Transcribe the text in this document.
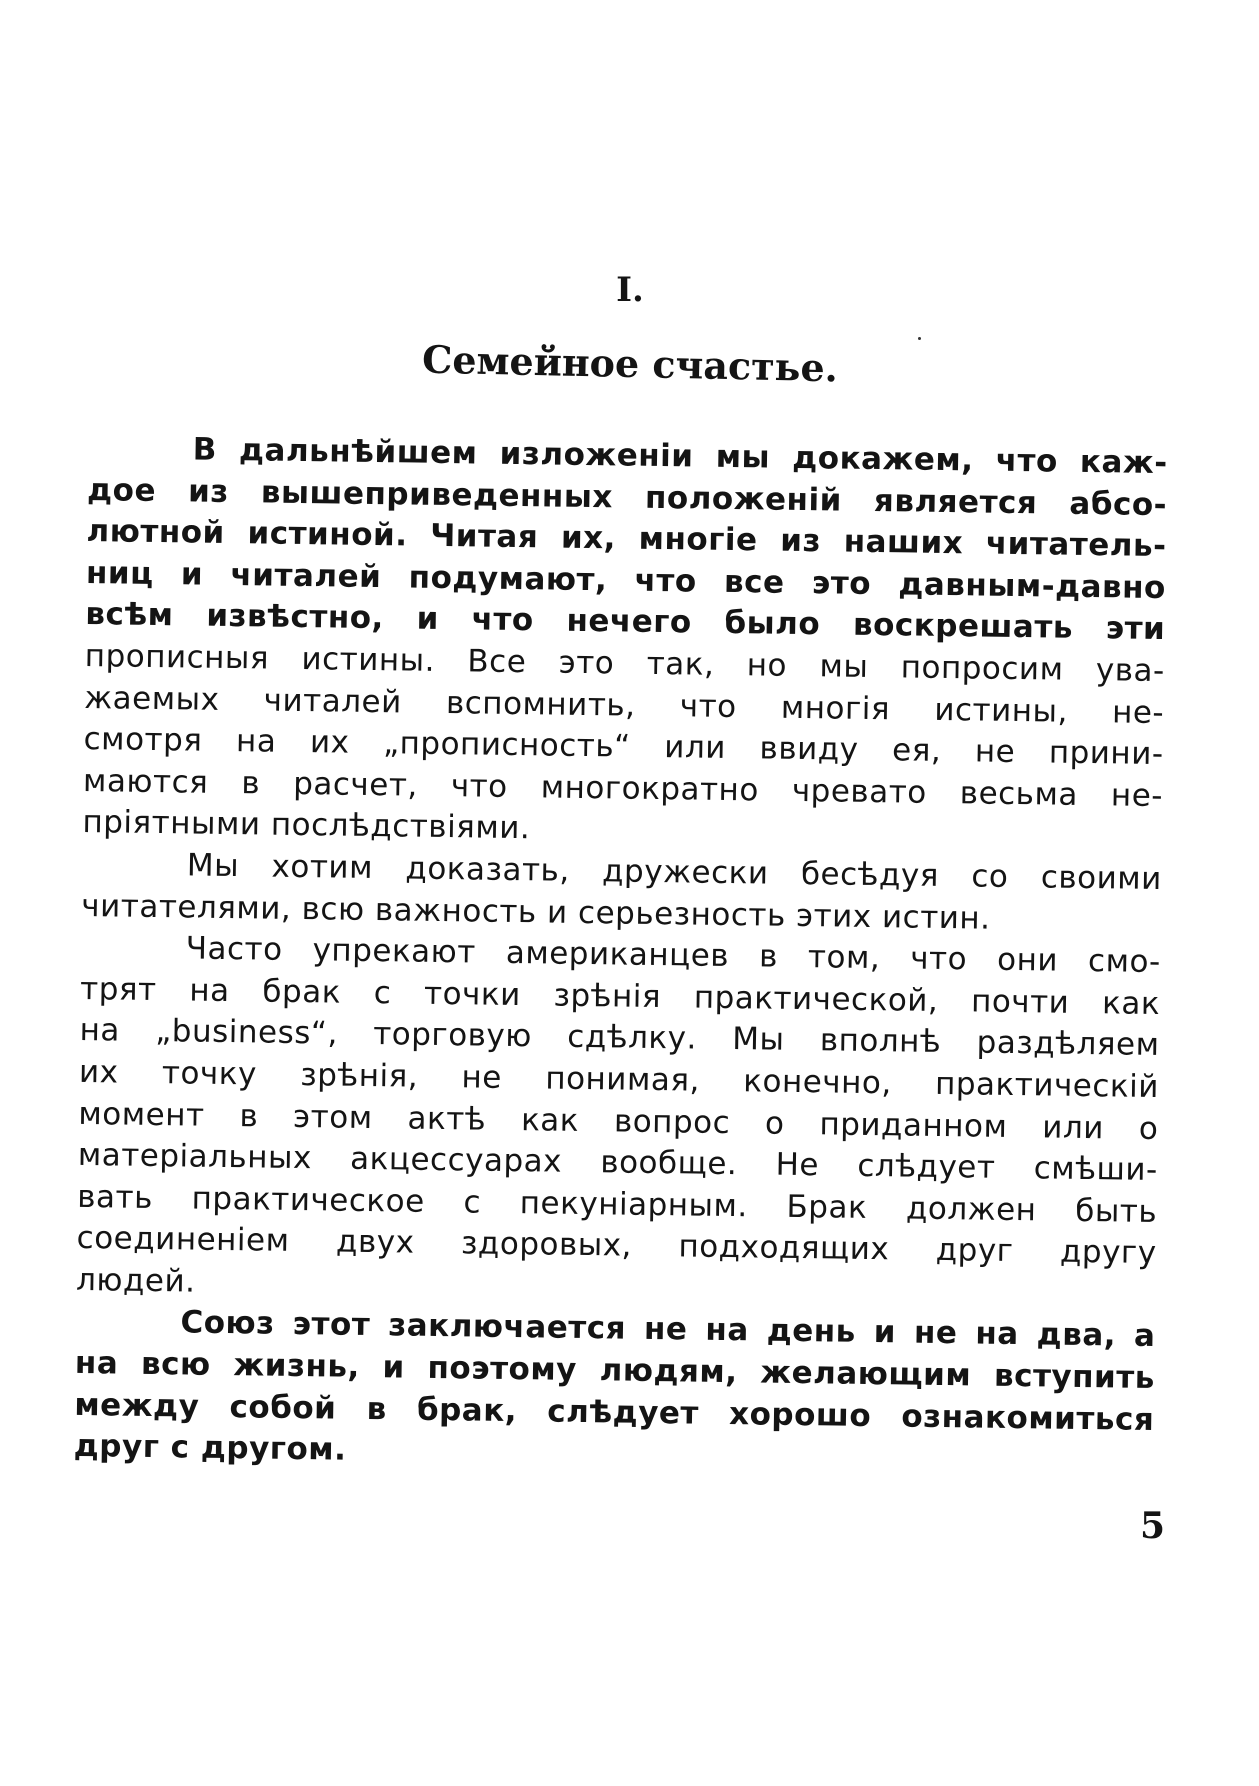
I.
Семейное счастье.
В дальнѣйшем изложенiи мы докажем, что каж-
дое из вышеприведенных положенiй является абсо-
лютной истиной. Читая их, многiе из наших читатель-
ниц и читалей подумают, что все это давным-давно
всѣм извѣстно, и что нечего было воскрешать эти
прописныя истины. Все это так, но мы попросим ува-
жаемых читалей вспомнить, что многiя истины, не-
смотря на их „прописность“ или ввиду ея, не прини-
маются в расчет, что многократно чревато весьма не-
прiятными послѣдствiями.
Мы хотим доказать, дружески бесѣдуя со своими
читателями, всю важность и серьезность этих истин.
Часто упрекают американцев в том, что они смо-
трят на брак с точки зрѣнiя практической, почти как
на „business“, торговую сдѣлку. Мы вполнѣ раздѣляем
их точку зрѣнiя, не понимая, конечно, практическiй
момент в этом актѣ как вопрос о приданном или о
матерiальных акцессуарах вообще. Не слѣдует смѣши-
вать практическое с пекунiарным. Брак должен быть
соединенiем двух здоровых, подходящих друг другу
людей.
Союз этот заключается не на день и не на два, а
на всю жизнь, и поэтому людям, желающим вступить
между собой в брак, слѣдует хорошо ознакомиться
друг с другом.
5
